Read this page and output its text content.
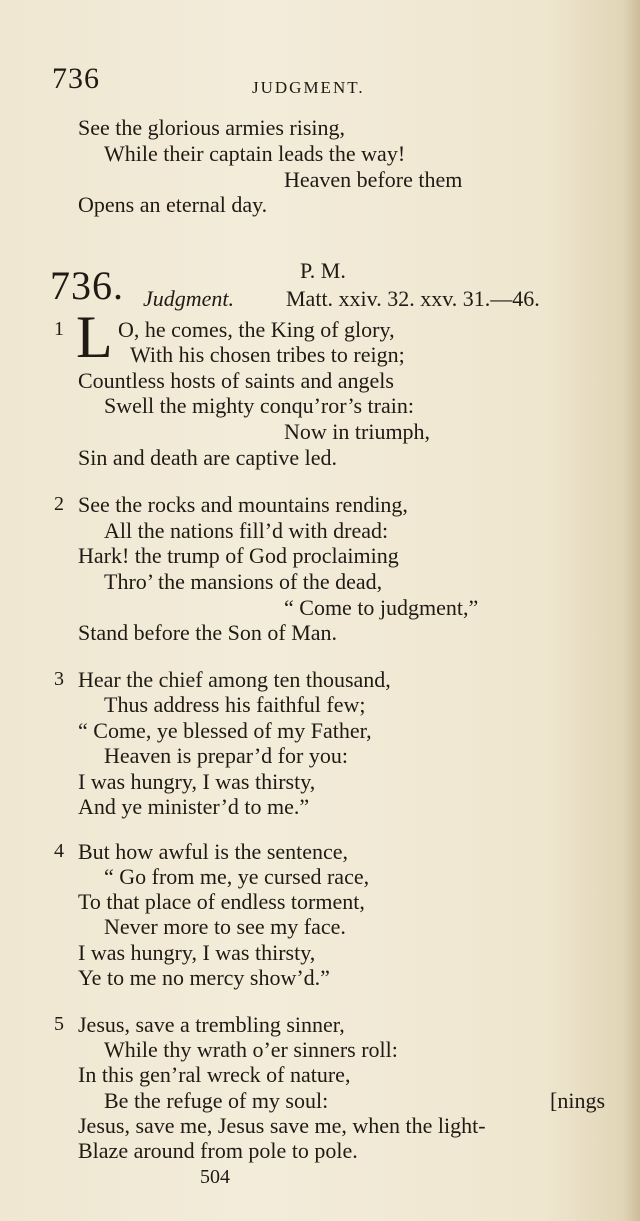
736	JUDGMENT.
See the glorious armies rising,
While their captain leads the way!
Heaven before them
Opens an eternal day.
736.	P. M.
Judgment. Matt. xxiv. 32. xxv. 31.—46.
1 L O, he comes, the King of glory,
With his chosen tribes to reign;
Countless hosts of saints and angels
Swell the mighty conqu’ror’s train:
Now in triumph,
Sin and death are captive led.
2 See the rocks and mountains rending,
All the nations fill’d with dread:
Hark! the trump of God proclaiming
Thro’ the mansions of the dead,
“ Come to judgment,”
Stand before the Son of Man.
3 Hear the chief among ten thousand,
Thus address his faithful few;
“ Come, ye blessed of my Father,
Heaven is prepar’d for you:
I was hungry, I was thirsty,
And ye minister’d to me.”
4 But how awful is the sentence,
“ Go from me, ye cursed race,
To that place of endless torment,
Never more to see my face.
I was hungry, I was thirsty,
Ye to me no mercy show’d.”
5 Jesus, save a trembling sinner,
While thy wrath o’er sinners roll:
In this gen’ral wreck of nature,
Be the refuge of my soul:	[nings
Jesus, save me, Jesus save me, when the light-
Blaze around from pole to pole.
504
